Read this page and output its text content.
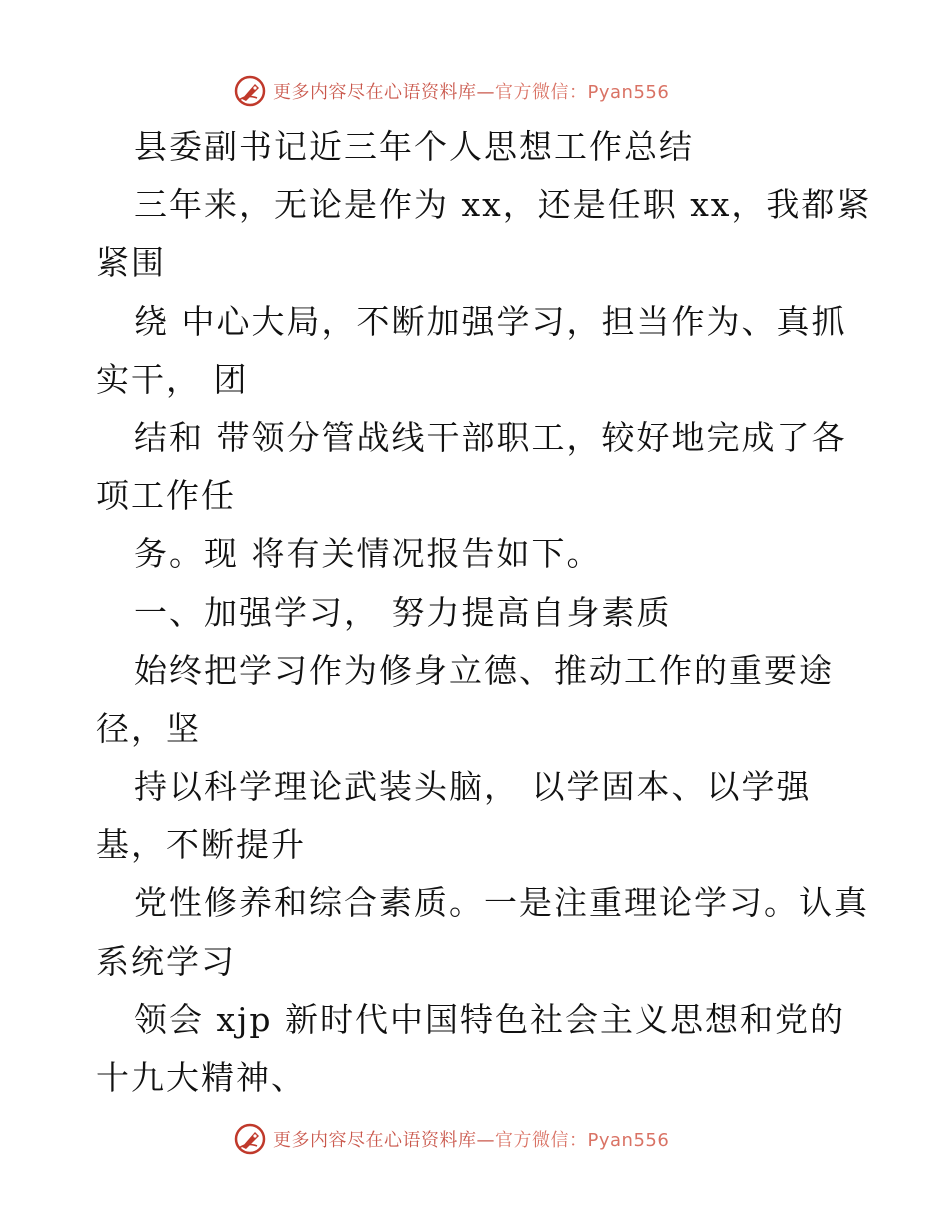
更多内容尽在心语资料库—官方微信：Pyan556
县委副书记近三年个人思想工作总结
三年来，无论是作为 xx，还是任职 xx，我都紧
紧围
绕 中心大局，不断加强学习，担当作为、真抓
实干， 团
结和 带领分管战线干部职工，较好地完成了各
项工作任
务。现 将有关情况报告如下。
一、加强学习， 努力提高自身素质
始终把学习作为修身立德、推动工作的重要途
径，坚
持以科学理论武装头脑， 以学固本、以学强
基，不断提升
党性修养和综合素质。一是注重理论学习。认真
系统学习
领会 xjp 新时代中国特色社会主义思想和党的
十九大精神、
更多内容尽在心语资料库—官方微信：Pyan556
